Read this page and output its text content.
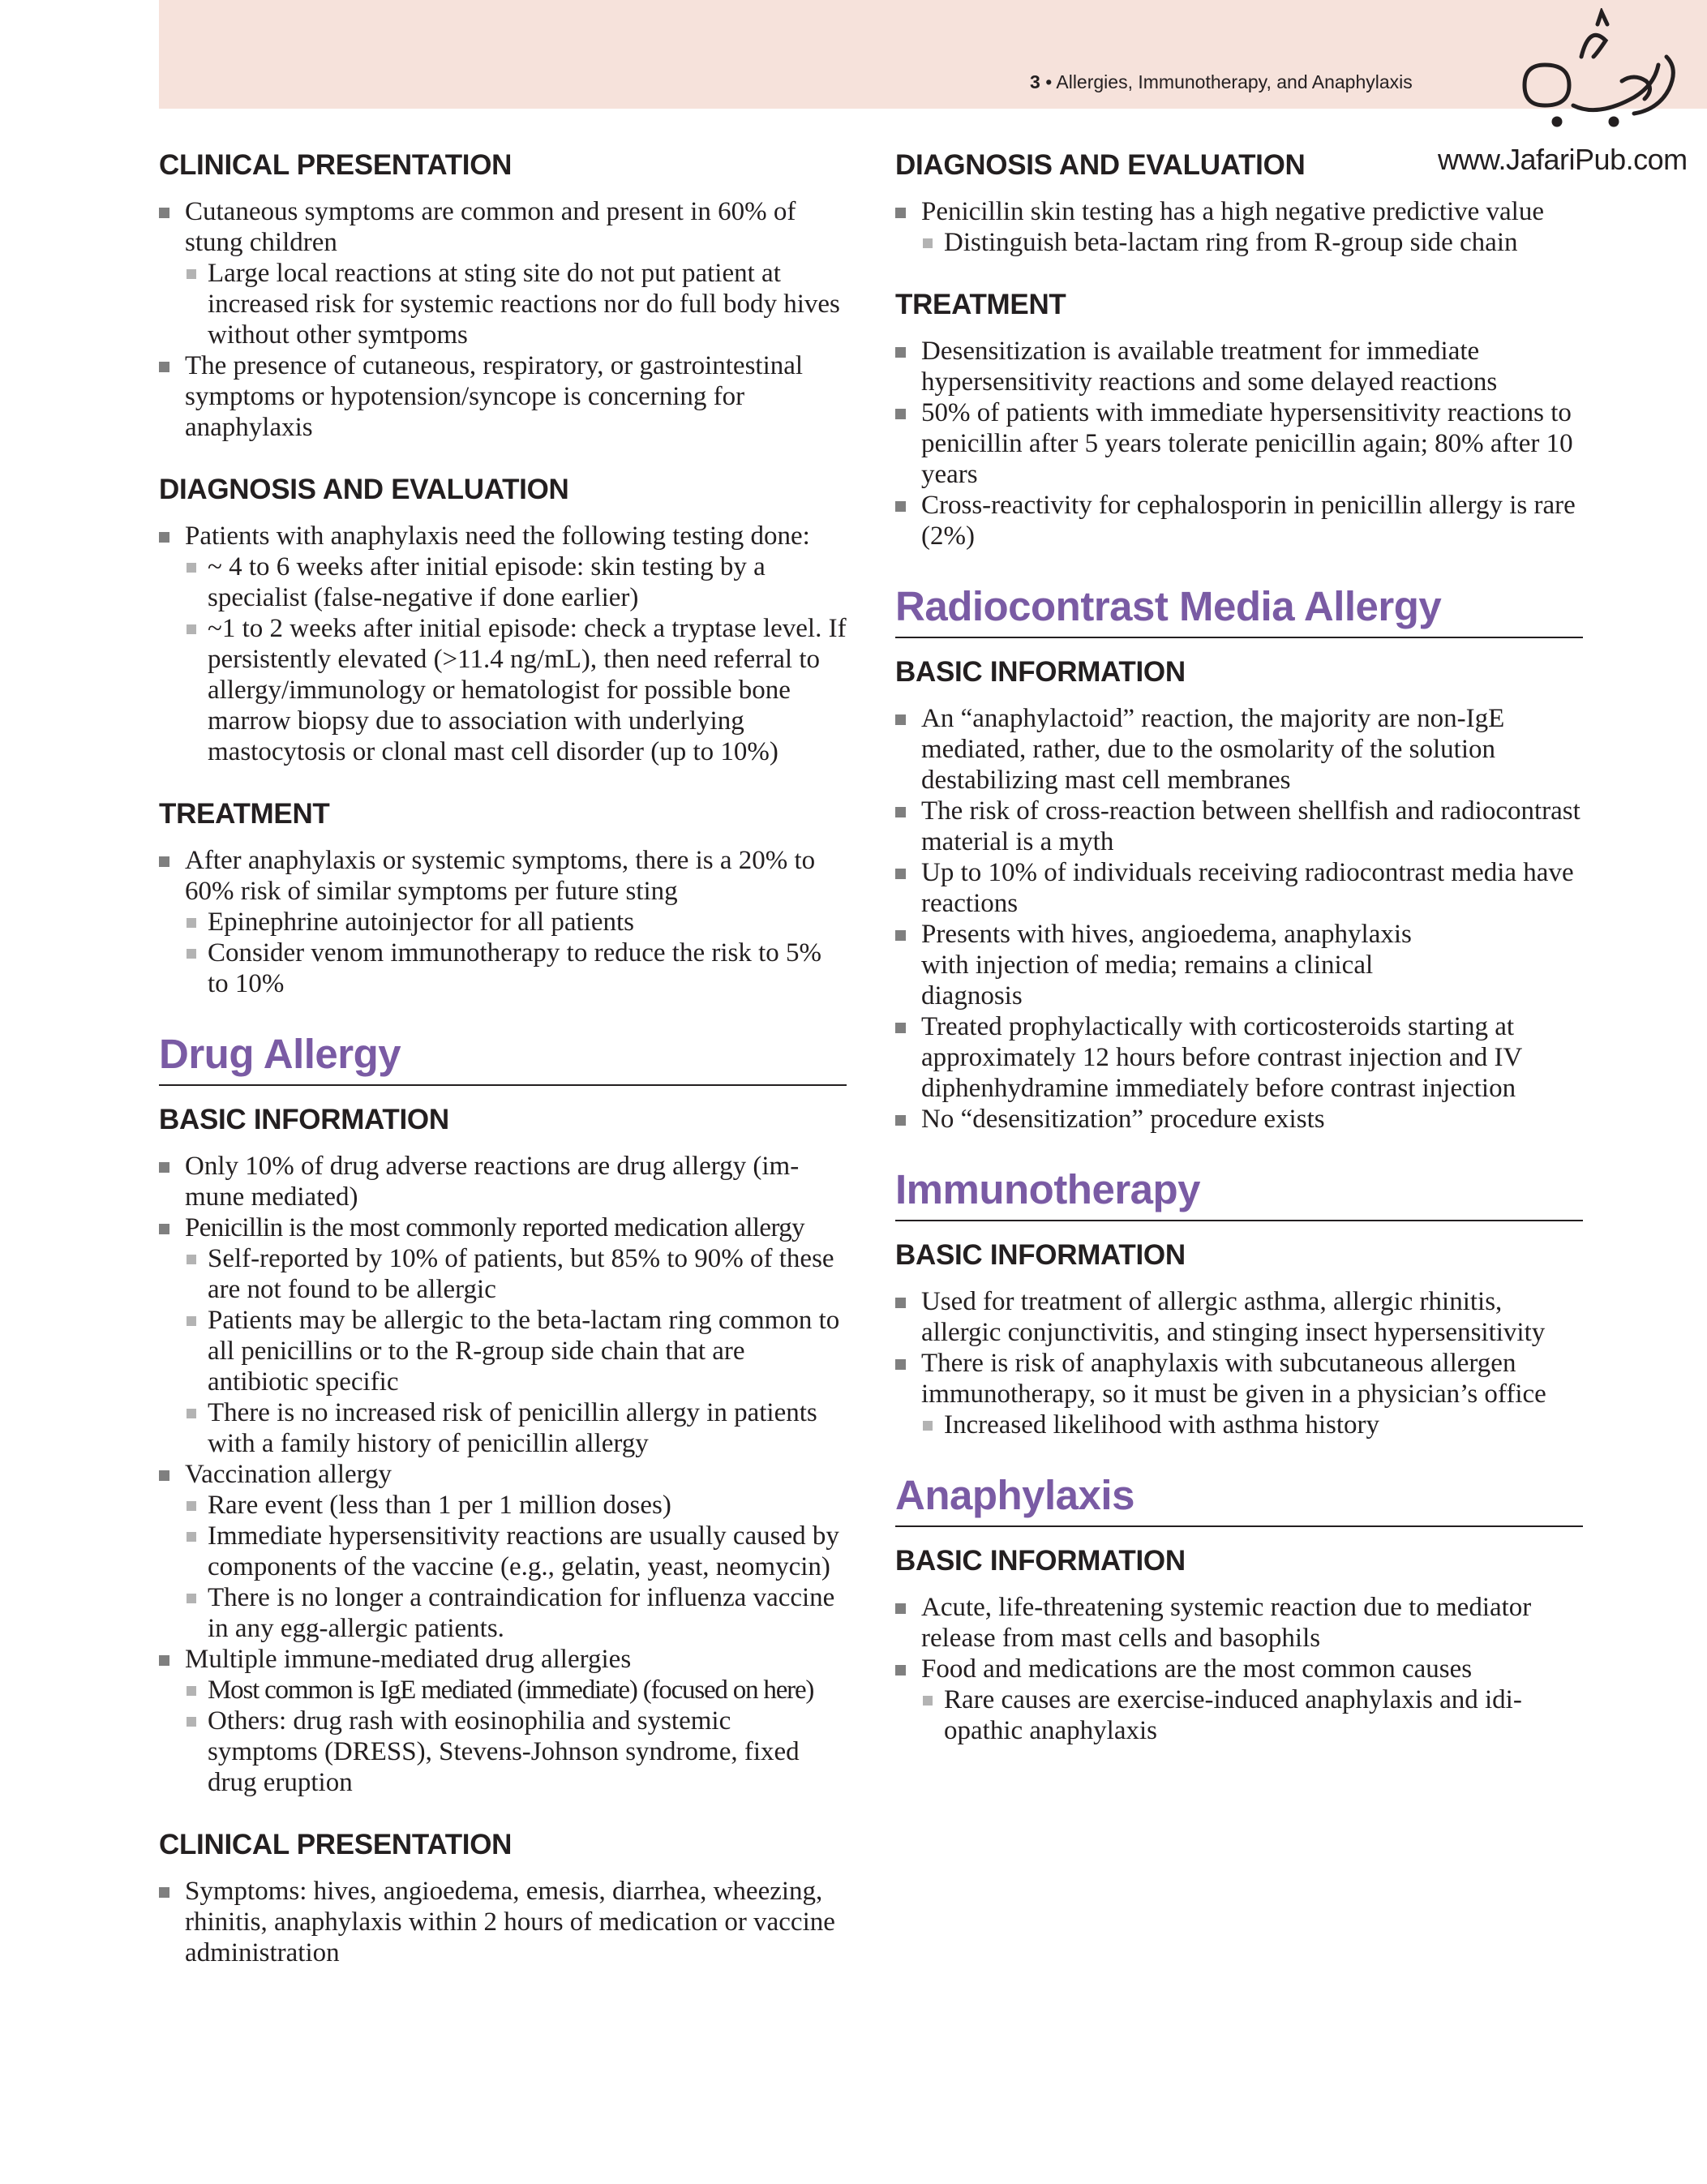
3 • Allergies, Immunotherapy, and Anaphylaxis
www.JafariPub.com
CLINICAL PRESENTATION
Cutaneous symptoms are common and present in 60% of stung children
Large local reactions at sting site do not put patient at increased risk for systemic reactions nor do full body hives without other symtpoms
The presence of cutaneous, respiratory, or gastrointestinal symptoms or hypotension/syncope is concerning for anaphylaxis
DIAGNOSIS AND EVALUATION
Patients with anaphylaxis need the following testing done:
~ 4 to 6 weeks after initial episode: skin testing by a specialist (false-negative if done earlier)
~1 to 2 weeks after initial episode: check a tryptase level. If persistently elevated (>11.4 ng/mL), then need referral to allergy/immunology or hematologist for possible bone marrow biopsy due to association with underlying mastocytosis or clonal mast cell disorder (up to 10%)
TREATMENT
After anaphylaxis or systemic symptoms, there is a 20% to 60% risk of similar symptoms per future sting
Epinephrine autoinjector for all patients
Consider venom immunotherapy to reduce the risk to 5% to 10%
Drug Allergy
BASIC INFORMATION
Only 10% of drug adverse reactions are drug allergy (immune mediated)
Penicillin is the most commonly reported medication allergy
Self-reported by 10% of patients, but 85% to 90% of these are not found to be allergic
Patients may be allergic to the beta-lactam ring common to all penicillins or to the R-group side chain that are antibiotic specific
There is no increased risk of penicillin allergy in patients with a family history of penicillin allergy
Vaccination allergy
Rare event (less than 1 per 1 million doses)
Immediate hypersensitivity reactions are usually caused by components of the vaccine (e.g., gelatin, yeast, neomycin)
There is no longer a contraindication for influenza vaccine in any egg-allergic patients.
Multiple immune-mediated drug allergies
Most common is IgE mediated (immediate) (focused on here)
Others: drug rash with eosinophilia and systemic symptoms (DRESS), Stevens-Johnson syndrome, fixed drug eruption
CLINICAL PRESENTATION
Symptoms: hives, angioedema, emesis, diarrhea, wheezing, rhinitis, anaphylaxis within 2 hours of medication or vaccine administration
DIAGNOSIS AND EVALUATION
Penicillin skin testing has a high negative predictive value
Distinguish beta-lactam ring from R-group side chain
TREATMENT
Desensitization is available treatment for immediate hypersensitivity reactions and some delayed reactions
50% of patients with immediate hypersensitivity reactions to penicillin after 5 years tolerate penicillin again; 80% after 10 years
Cross-reactivity for cephalosporin in penicillin allergy is rare (2%)
Radiocontrast Media Allergy
BASIC INFORMATION
An “anaphylactoid” reaction, the majority are non-IgE mediated, rather, due to the osmolarity of the solution destabilizing mast cell membranes
The risk of cross-reaction between shellfish and radiocontrast material is a myth
Up to 10% of individuals receiving radiocontrast media have reactions
Presents with hives, angioedema, anaphylaxis with injection of media; remains a clinical diagnosis
Treated prophylactically with corticosteroids starting at approximately 12 hours before contrast injection and IV diphenhydramine immediately before contrast injection
No “desensitization” procedure exists
Immunotherapy
BASIC INFORMATION
Used for treatment of allergic asthma, allergic rhinitis, allergic conjunctivitis, and stinging insect hypersensitivity
There is risk of anaphylaxis with subcutaneous allergen immunotherapy, so it must be given in a physician’s office
Increased likelihood with asthma history
Anaphylaxis
BASIC INFORMATION
Acute, life-threatening systemic reaction due to mediator release from mast cells and basophils
Food and medications are the most common causes
Rare causes are exercise-induced anaphylaxis and idiopathic anaphylaxis
